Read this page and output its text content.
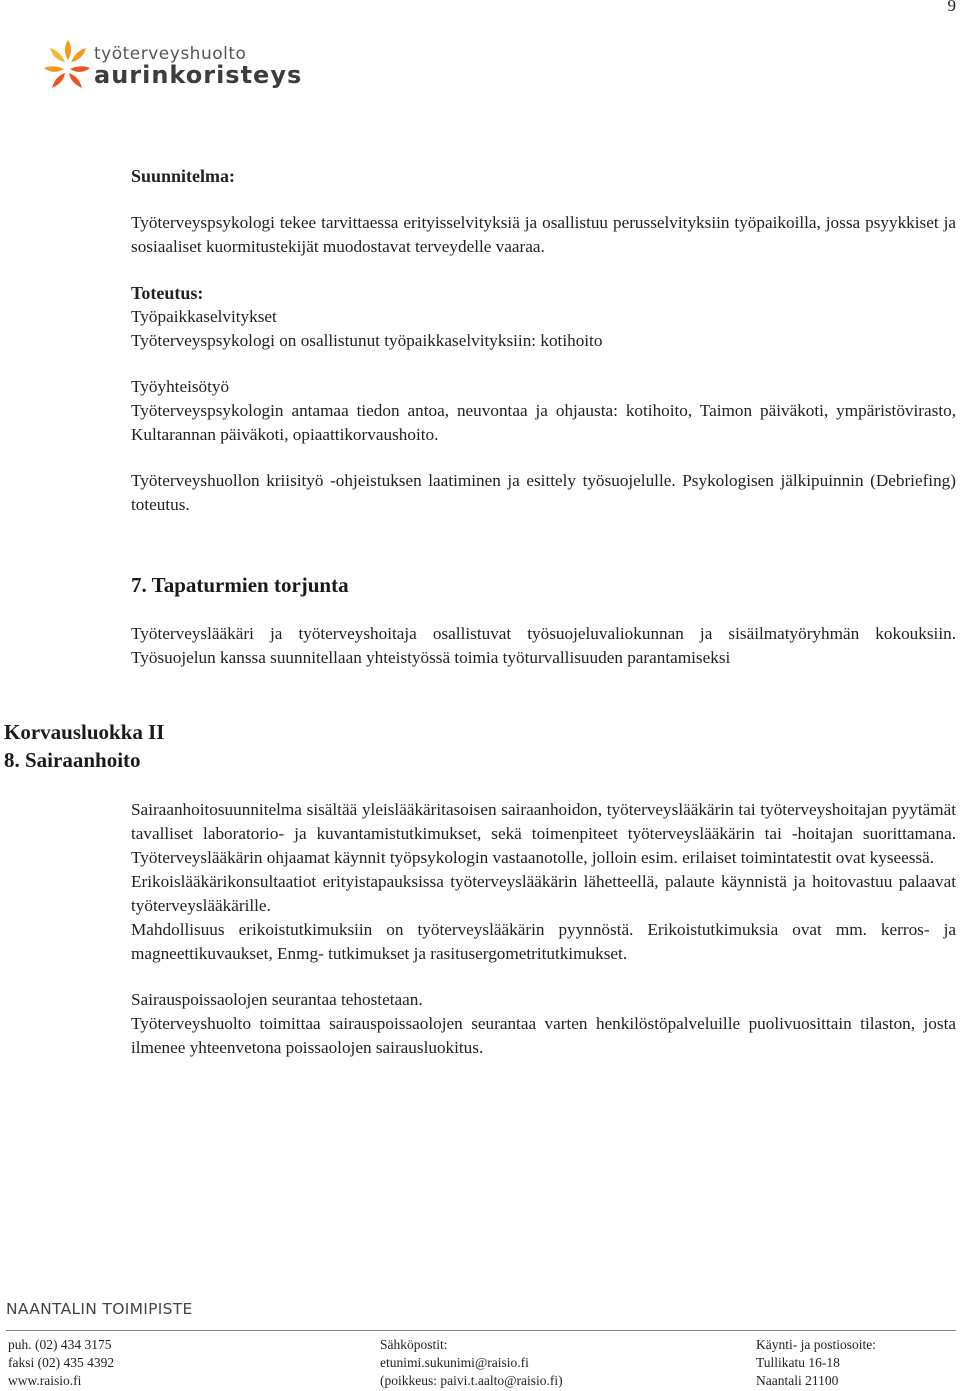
9
työterveyshuolto
aurinkoristeys

Suunnitelma:

Työterveyspsykologi tekee tarvittaessa erityisselvityksiä ja osallistuu perusselvityksiin työpaikoilla, jossa psyykkiset ja sosiaaliset kuormitustekijät muodostavat terveydelle vaaraa.

Toteutus:

Työpaikkaselvitykset

Työterveyspsykologi on osallistunut työpaikkaselvityksiin: kotihoito

Työyhteisötyö

Työterveyspsykologin antamaa tiedon antoa, neuvontaa ja ohjausta: kotihoito, Taimon päiväkoti, ympäristövirasto, Kultarannan päiväkoti, opiaattikorvaushoito.

Työterveyshuollon kriisityö -ohjeistuksen laatiminen ja esittely työsuojelulle. Psykologisen jälkipuinnin (Debriefing) toteutus.

7. Tapaturmien torjunta

Työterveyslääkäri ja työterveyshoitaja osallistuvat työsuojeluvaliokunnan ja sisäilmatyöryhmän kokouksiin. Työsuojelun kanssa suunnitellaan yhteistyössä toimia työturvallisuuden parantamiseksi

Korvausluokka II
8. Sairaanhoito

Sairaanhoitosuunnitelma sisältää yleislääkäritasoisen sairaanhoidon, työterveyslääkärin tai työterveyshoitajan pyytämät tavalliset laboratorio- ja kuvantamistutkimukset, sekä toimenpiteet työterveyslääkärin tai -hoitajan suorittamana. Työterveyslääkärin ohjaamat käynnit työpsykologin vastaanotolle, jolloin esim. erilaiset toimintatestit ovat kyseessä.

Erikoislääkärikonsultaatiot erityistapauksissa työterveyslääkärin lähetteellä, palaute käynnistä ja hoitovastuu palaavat työterveyslääkärille.

Mahdollisuus erikoistutkimuksiin on työterveyslääkärin pyynnöstä. Erikoistutkimuksia ovat mm. kerros- ja magneettikuvaukset, Enmg- tutkimukset ja rasitusergometritutkimukset.

Sairauspoissaolojen seurantaa tehostetaan.

Työterveyshuolto toimittaa sairauspoissaolojen seurantaa varten henkilöstöpalveluille puolivuosittain tilaston, josta ilmenee yhteenvetona poissaolojen sairausluokitus.

NAANTALIN TOIMIPISTE
puh. (02) 434 3175
faksi (02) 435 4392
www.raisio.fi
Sähköpostit:
etunimi.sukunimi@raisio.fi
(poikkeus: paivi.t.aalto@raisio.fi)
Käynti- ja postiosoite:
Tullikatu 16-18
Naantali 21100
